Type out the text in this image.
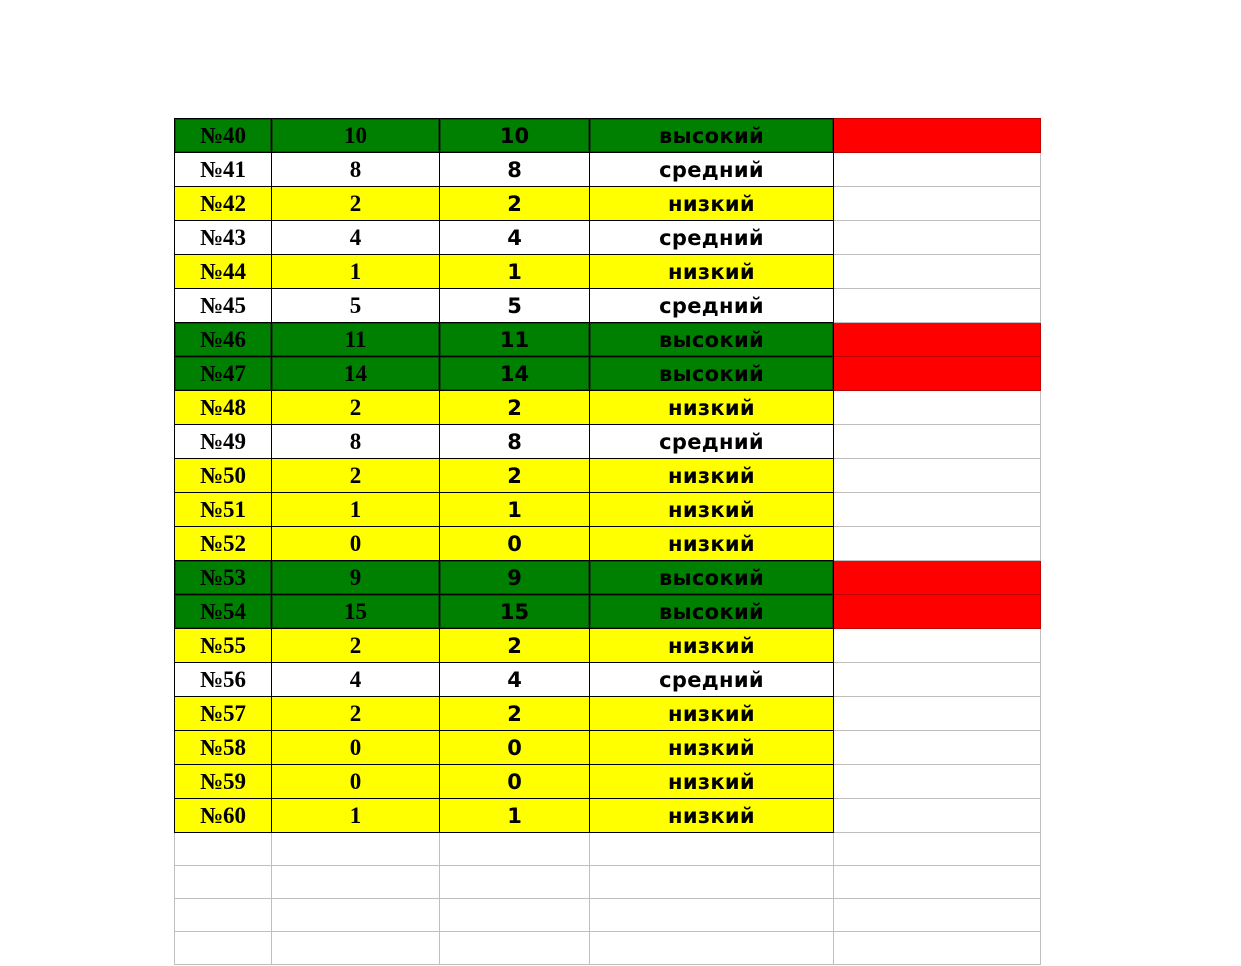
№40	10	10	высокий	
№41	8	8	средний	
№42	2	2	низкий	
№43	4	4	средний	
№44	1	1	низкий	
№45	5	5	средний	
№46	11	11	высокий	
№47	14	14	высокий	
№48	2	2	низкий	
№49	8	8	средний	
№50	2	2	низкий	
№51	1	1	низкий	
№52	0	0	низкий	
№53	9	9	высокий	
№54	15	15	высокий	
№55	2	2	низкий	
№56	4	4	средний	
№57	2	2	низкий	
№58	0	0	низкий	
№59	0	0	низкий	
№60	1	1	низкий	
